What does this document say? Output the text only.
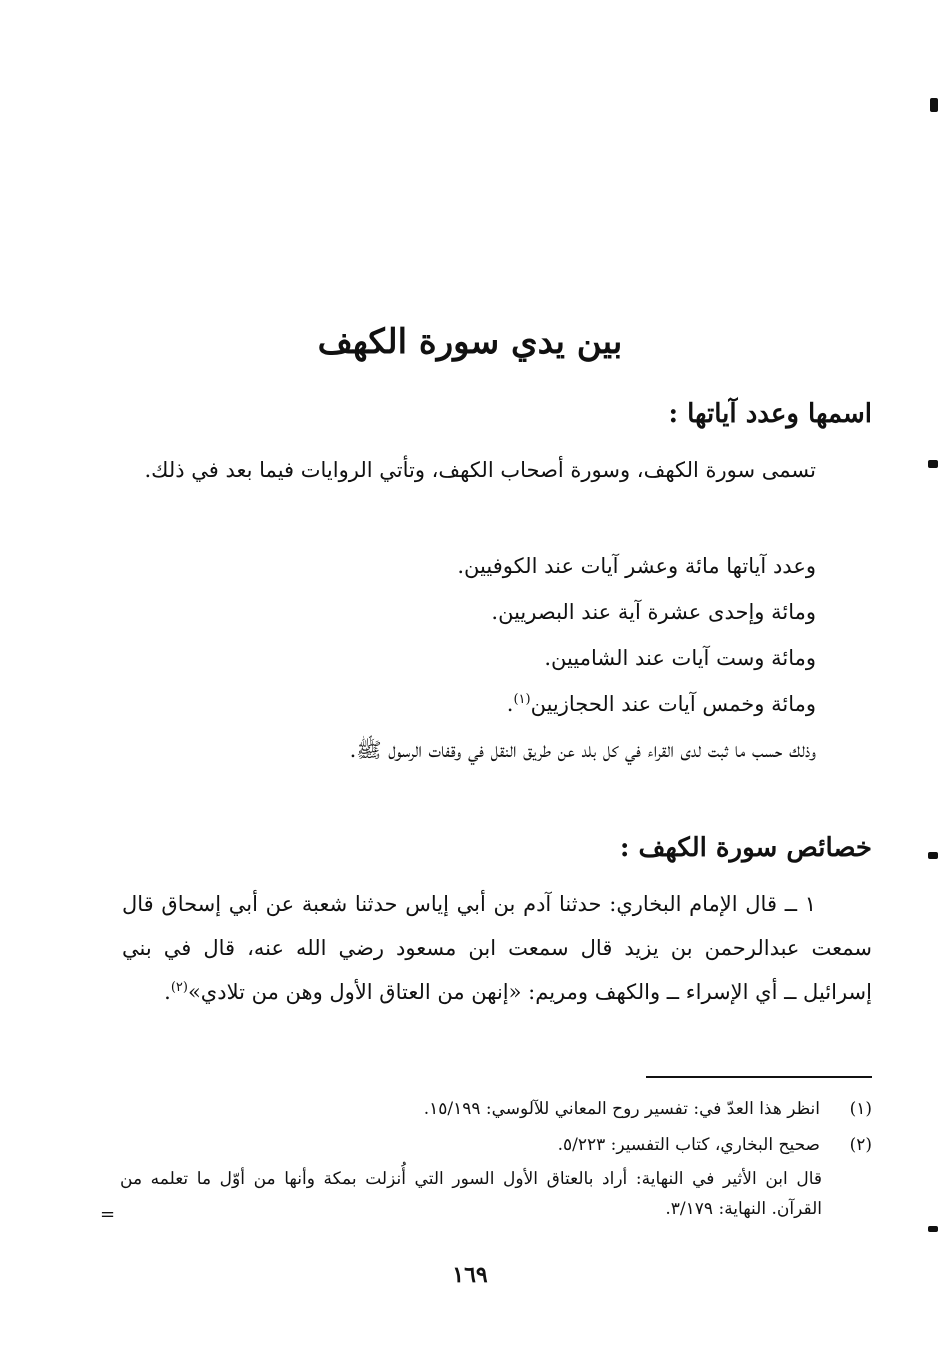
بين يدي سورة الكهف
اسمها وعدد آياتها :
تسمى سورة الكهف، وسورة أصحاب الكهف، وتأتي الروايات فيما بعد في ذلك.
وعدد آياتها مائة وعشر آيات عند الكوفيين.
ومائة وإحدى عشرة آية عند البصريين.
ومائة وست آيات عند الشاميين.
ومائة وخمس آيات عند الحجازيين$^{(١)}$.
وذلك حسب ما ثبت لدى القراء في كل بلد عن طريق النقل في وقفات الرسول ﷺ.
خصائص سورة الكهف :
١ ــ قال الإمام البخاري: حدثنا آدم بن أبي إياس حدثنا شعبة عن أبي إسحاق قال سمعت عبدالرحمن بن يزيد قال سمعت ابن مسعود رضي الله عنه، قال في بني إسرائيل ــ أي الإسراء ــ والكهف ومريم: «إنهن من العتاق الأول وهن من تلادي»$^{(٢)}$.
(١)انظر هذا العدّ في: تفسير روح المعاني للآلوسي: ١٥/١٩٩.
(٢)صحيح البخاري، كتاب التفسير: ٥/٢٢٣.
قال ابن الأثير في النهاية: أراد بالعتاق الأول السور التي أُنزلت بمكة وأنها من أوّل ما تعلمه من القرآن. النهاية: ٣/١٧٩.
=
١٦٩
